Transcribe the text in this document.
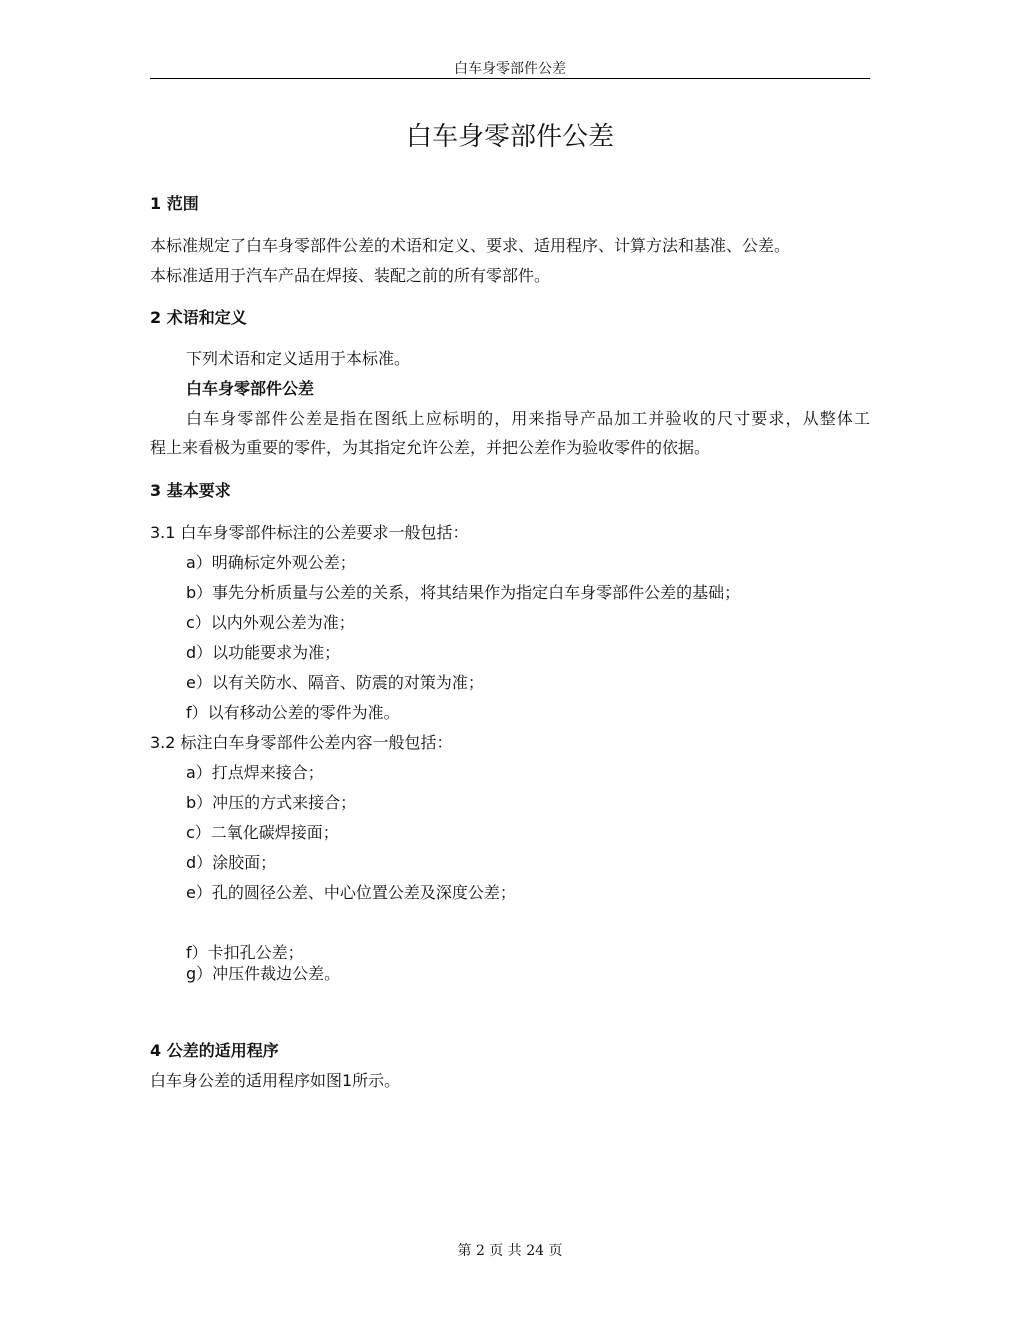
白车身零部件公差
白车身零部件公差
1 范围
本标准规定了白车身零部件公差的术语和定义、要求、适用程序、计算方法和基准、公差。
本标准适用于汽车产品在焊接、装配之前的所有零部件。
2 术语和定义
下列术语和定义适用于本标准。
白车身零部件公差
白车身零部件公差是指在图纸上应标明的，用来指导产品加工并验收的尺寸要求，从整体工
程上来看极为重要的零件，为其指定允许公差，并把公差作为验收零件的依据。
3 基本要求
3.1 白车身零部件标注的公差要求一般包括：
a）明确标定外观公差；
b）事先分析质量与公差的关系，将其结果作为指定白车身零部件公差的基础；
c）以内外观公差为准；
d）以功能要求为准；
e）以有关防水、隔音、防震的对策为准；
f）以有移动公差的零件为准。
3.2 标注白车身零部件公差内容一般包括：
a）打点焊来接合；
b）冲压的方式来接合；
c）二氧化碳焊接面；
d）涂胶面；
e）孔的圆径公差、中心位置公差及深度公差；
f）卡扣孔公差；
g）冲压件裁边公差。
4 公差的适用程序
白车身公差的适用程序如图1所示。
第 2 页 共 24 页
